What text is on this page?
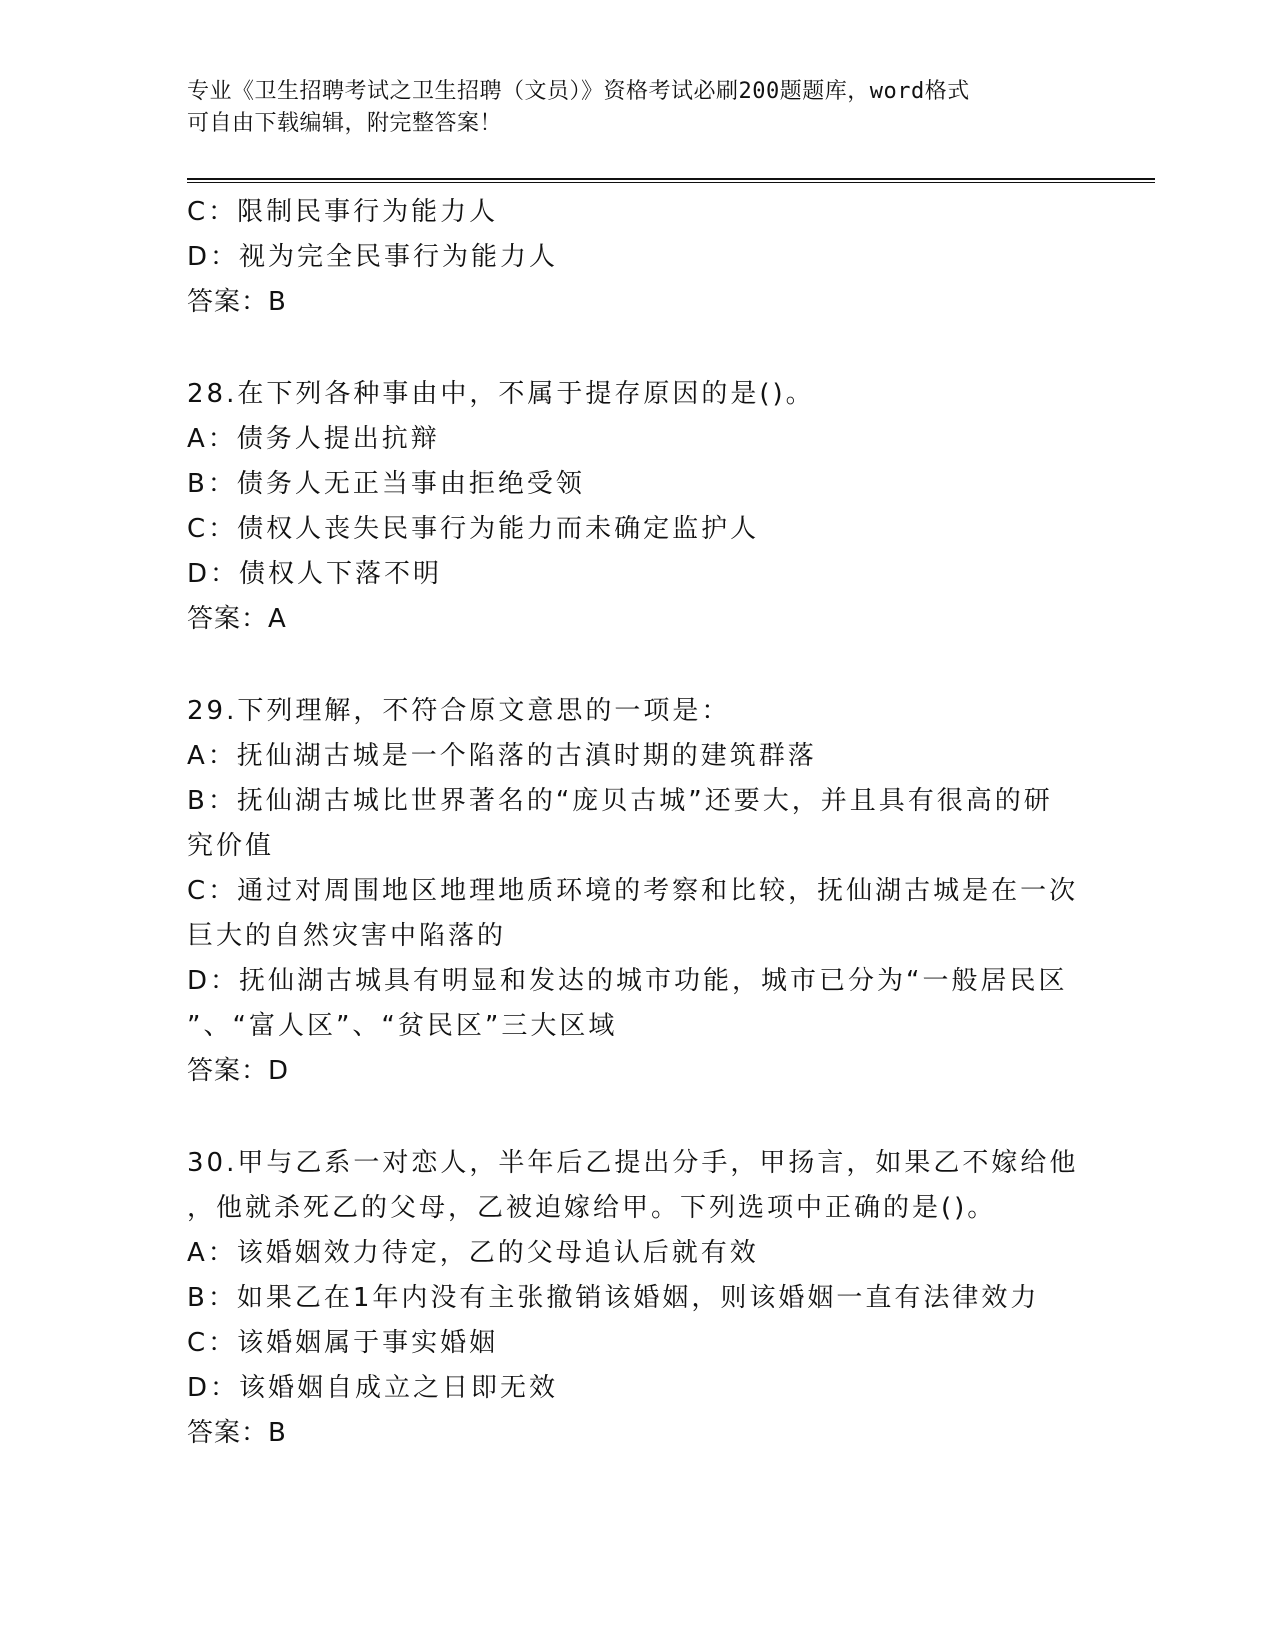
专业《卫生招聘考试之卫生招聘（文员）》资格考试必刷200题题库，word格式
可自由下载编辑，附完整答案！
C：限制民事行为能力人
D：视为完全民事行为能力人
答案：B
28.在下列各种事由中，不属于提存原因的是()。
A：债务人提出抗辩
B：债务人无正当事由拒绝受领
C：债权人丧失民事行为能力而未确定监护人
D：债权人下落不明
答案：A
29.下列理解，不符合原文意思的一项是：
A：抚仙湖古城是一个陷落的古滇时期的建筑群落
B：抚仙湖古城比世界著名的“庞贝古城”还要大，并且具有很高的研
究价值
C：通过对周围地区地理地质环境的考察和比较，抚仙湖古城是在一次
巨大的自然灾害中陷落的
D：抚仙湖古城具有明显和发达的城市功能，城市已分为“一般居民区
”、“富人区”、“贫民区”三大区域
答案：D
30.甲与乙系一对恋人，半年后乙提出分手，甲扬言，如果乙不嫁给他
，他就杀死乙的父母，乙被迫嫁给甲。下列选项中正确的是()。
A：该婚姻效力待定，乙的父母追认后就有效
B：如果乙在1年内没有主张撤销该婚姻，则该婚姻一直有法律效力
C：该婚姻属于事实婚姻
D：该婚姻自成立之日即无效
答案：B
